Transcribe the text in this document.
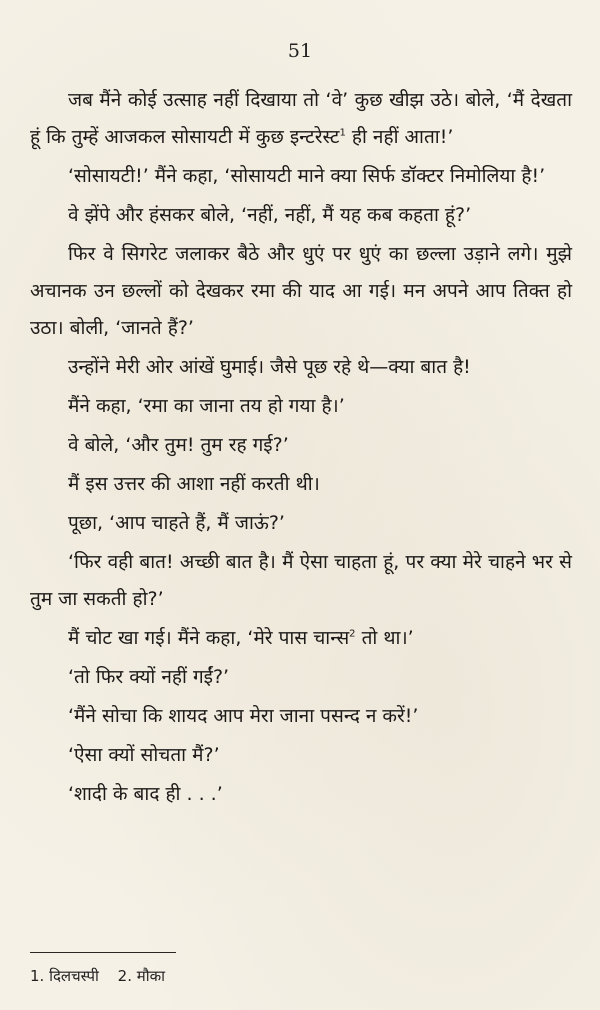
51

जब मैंने कोई उत्साह नहीं दिखाया तो ‘वे’ कुछ खीझ उठे। बोले, ‘मैं देखता हूं कि तुम्हें आजकल सोसायटी में कुछ इन्टरेस्ट$^1$ ही नहीं आता!’

‘सोसायटी!’ मैंने कहा, ‘सोसायटी माने क्या सिर्फ डॉक्टर निमोलिया है!’

वे झेंपे और हंसकर बोले, ‘नहीं, नहीं, मैं यह कब कहता हूं?’

फिर वे सिगरेट जलाकर बैठे और धुएं पर धुएं का छल्ला उड़ाने लगे। मुझे अचानक उन छल्लों को देखकर रमा की याद आ गई। मन अपने आप तिक्त हो उठा। बोली, ‘जानते हैं?’

उन्होंने मेरी ओर आंखें घुमाई। जैसे पूछ रहे थे—क्या बात है!

मैंने कहा, ‘रमा का जाना तय हो गया है।’

वे बोले, ‘और तुम! तुम रह गई?’

मैं इस उत्तर की आशा नहीं करती थी।

पूछा, ‘आप चाहते हैं, मैं जाऊं?’

‘फिर वही बात! अच्छी बात है। मैं ऐसा चाहता हूं, पर क्या मेरे चाहने भर से तुम जा सकती हो?’

मैं चोट खा गई। मैंने कहा, ‘मेरे पास चान्स$^2$ तो था।’

‘तो फिर क्यों नहीं गईं?’

‘मैंने सोचा कि शायद आप मेरा जाना पसन्द न करें!’

‘ऐसा क्यों सोचता मैं?’

‘शादी के बाद ही . . .’

1. दिलचस्पी 2. मौका
